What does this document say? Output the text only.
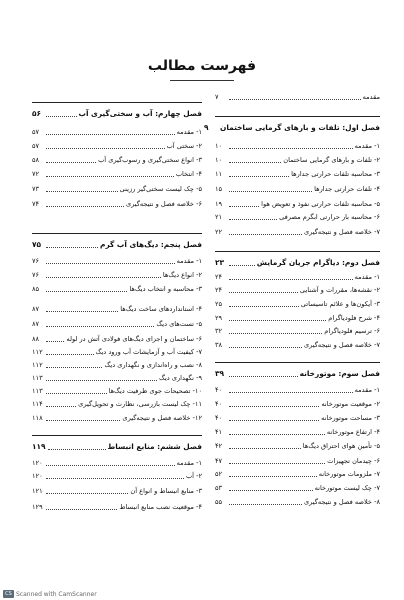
فهرست مطالب
مقدمه
۷
فصل اول: تلفات و بارهای گرمایی ساختمان
۹
۱- مقدمه
۱۰
۲- تلفات و بارهای گرمایی ساختمان
۱۰
۳- محاسبه تلفات حرارتی جدارها
۱۱
۴- تلفات حرارتی جدارها
۱۵
۵- محاسبه تلفات حرارتی نفوذ و تعویض هوا
۱۹
۶- محاسبه بار حرارتی ابگرم مصرفی
۲۱
۷- خلاصه فصل و نتیجه‌گیری
۲۲
فصل دوم: دیاگرام جریان گرمایش
۲۳
۱- مقدمه
۲۴
۲- نقشه‌ها، مقررات و آشنایی
۲۴
۳- آیکون‌ها و علائم تاسیساتی
۲۵
۴- شرح فلودیاگرام
۲۹
۶- ترسیم فلودیاگرام
۳۲
۷- خلاصه فصل و نتیجه‌گیری
۳۸
فصل سوم: موتورخانه
۳۹
۱- مقدمه
۴۰
۲- موقعیت موتورخانه
۴۰
۳- مساحت موتورخانه
۴۰
۴- ارتفاع موتورخانه
۴۱
۵- تأمین هوای احتراق دیگ‌ها
۴۲
۶- چیدمان تجهیزات
۴۷
۷- ملزومات موتورخانه
۵۲
۷- چک لیست موتورخانه
۵۳
۸- خلاصه فصل و نتیجه‌گیری
۵۵
فصل چهارم: آب و سختی‌گیری آب
۵۶
۱- مقدمه
۵۷
۲- سختی آب
۵۷
۳- انواع سختی‌گیری و رسوب‌گیری آب
۵۸
۴- انتخاب
۷۲
۵- چک لیست سختی‌گیر رزینی
۷۳
۶- خلاصه فصل و نتیجه‌گیری
۷۴
فصل پنجم: دیگ‌های آب گرم
۷۵
۱- مقدمه
۷۶
۲- انواع دیگ‌ها
۷۶
۳- محاسبه و انتخاب دیگ‌ها
۸۵
۴- استانداردهای ساخت دیگ‌ها
۸۷
۵- تست‌های دیگ
۸۷
۶- ساختمان و اجزای دیگ‌های فولادی آتش در لوله
۸۸
۷- کیفیت آب و آزمایشات آب ورود دیگ
۱۱۲
۸- نصب و راه‌اندازی و نگهداری دیگ
۱۱۲
۹- نگهداری دیگ
۱۱۳
۱۰- تصحیحات جوی ظرفیت دیگ‌ها
۱۱۳
۱۱- چک لیست بازرسی، نظارت و تحویل‌گیری
۱۱۴
۱۲- خلاصه فصل و نتیجه‌گیری
۱۱۸
فصل ششم: منابع انبساط
۱۱۹
۱- مقدمه
۱۲۰
۲- آب
۱۲۰
۳- منابع انبساط و انواع آن
۱۲۱
۴- موقعیت نصب منابع انبساط
۱۲۹
CS Scanned with CamScanner
